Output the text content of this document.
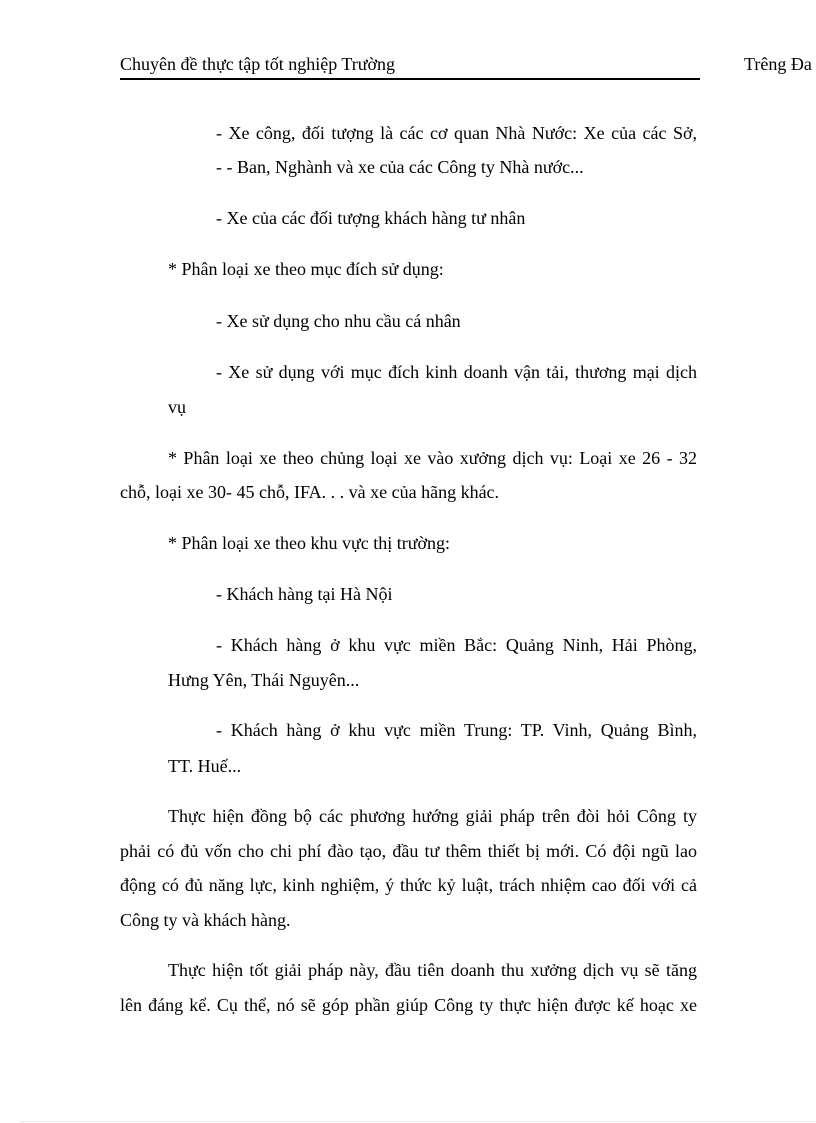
Chuyên đề thực tập tốt nghiệp Trường	Trêng Đa
- Xe công, đối tượng là các cơ quan Nhà Nước: Xe của các Sở,
- - Ban, Nghành và xe của các Công ty Nhà nước...
- Xe của các đối tượng khách hàng tư nhân
* Phân loại xe theo mục đích sử dụng:
- Xe sử dụng cho nhu cầu cá nhân
- Xe sử dụng với mục đích kinh doanh vận tải, thương mại dịch
vụ
* Phân loại xe theo chủng loại xe vào xưởng dịch vụ: Loại xe 26 - 32
chỗ, loại xe 30- 45 chỗ, IFA. . . và xe của hãng khác.
* Phân loại xe theo khu vực thị trường:
- Khách hàng tại Hà Nội
- Khách hàng ở khu vực miền Bắc: Quảng Ninh, Hải Phòng,
Hưng Yên, Thái Nguyên...
- Khách hàng ở khu vực miền Trung: TP. Vinh, Quảng Bình,
TT. Huế...
Thực hiện đồng bộ các phương hướng giải pháp trên đòi hỏi Công ty
phải có đủ vốn cho chi phí đào tạo, đầu tư thêm thiết bị mới. Có đội ngũ lao
động có đủ năng lực, kinh nghiệm, ý thức kỷ luật, trách nhiệm cao đối với cả
Công ty và khách hàng.
Thực hiện tốt giải pháp này, đầu tiên doanh thu xưởng dịch vụ sẽ tăng
lên đáng kể. Cụ thể, nó sẽ góp phần giúp Công ty thực hiện được kế hoạc xe
